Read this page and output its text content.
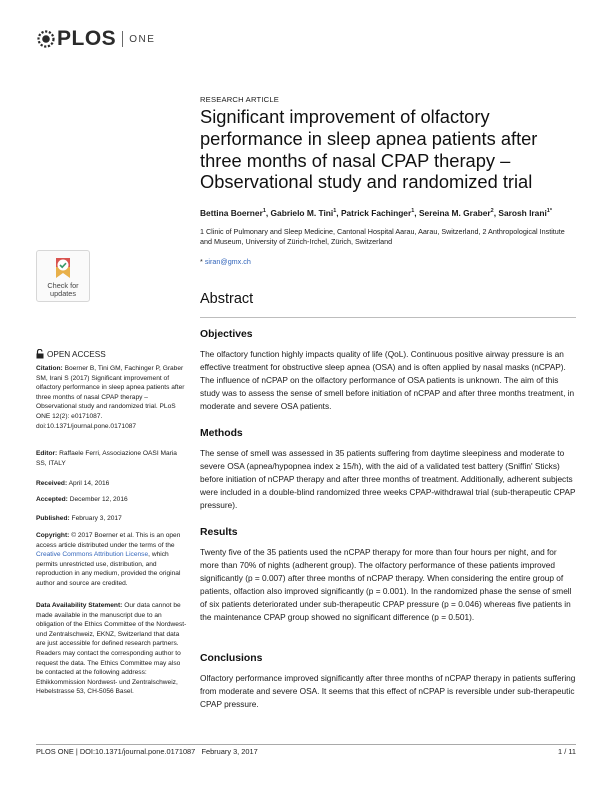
PLOS ONE
Check for
updates
OPEN ACCESS
Citation: Boerner B, Tini GM, Fachinger P, Graber SM, Irani S (2017) Significant improvement of olfactory performance in sleep apnea patients after three months of nasal CPAP therapy – Observational study and randomized trial. PLoS ONE 12(2): e0171087. doi:10.1371/journal.pone.0171087
Editor: Raffaele Ferri, Associazione OASI Maria SS, ITALY
Received: April 14, 2016
Accepted: December 12, 2016
Published: February 3, 2017
Copyright: © 2017 Boerner et al. This is an open access article distributed under the terms of the Creative Commons Attribution License, which permits unrestricted use, distribution, and reproduction in any medium, provided the original author and source are credited.
Data Availability Statement: Our data cannot be made available in the manuscript due to an obligation of the Ethics Committee of the Nordwest- und Zentralschweiz, EKNZ, Switzerland that data are just accessible for defined research partners. Readers may contact the corresponding author to request the data. The Ethics Committee may also be contacted at the following address: Ethikkommission Nordwest- und Zentralschweiz, Hebelstrasse 53, CH-5056 Basel.
RESEARCH ARTICLE
Significant improvement of olfactory performance in sleep apnea patients after three months of nasal CPAP therapy – Observational study and randomized trial
Bettina Boerner$^1$, Gabrielo M. Tini$^1$, Patrick Fachinger$^1$, Sereina M. Graber$^2$, Sarosh Irani$^{1*}$
1 Clinic of Pulmonary and Sleep Medicine, Cantonal Hospital Aarau, Aarau, Switzerland, 2 Anthropological Institute and Museum, University of Zürich-Irchel, Zürich, Switzerland
* siran@gmx.ch
Abstract
Objectives
The olfactory function highly impacts quality of life (QoL). Continuous positive airway pressure is an effective treatment for obstructive sleep apnea (OSA) and is often applied by nasal masks (nCPAP). The influence of nCPAP on the olfactory performance of OSA patients is unknown. The aim of this study was to assess the sense of smell before initiation of nCPAP and after three months treatment, in moderate and severe OSA patients.
Methods
The sense of smell was assessed in 35 patients suffering from daytime sleepiness and moderate to severe OSA (apnea/hypopnea index ≥ 15/h), with the aid of a validated test battery (Sniffin' Sticks) before initiation of nCPAP therapy and after three months of treatment. Additionally, adherent subjects were included in a double-blind randomized three weeks CPAP-withdrawal trial (sub-therapeutic CPAP pressure).
Results
Twenty five of the 35 patients used the nCPAP therapy for more than four hours per night, and for more than 70% of nights (adherent group). The olfactory performance of these patients improved significantly (p = 0.007) after three months of nCPAP therapy. When considering the entire group of patients, olfaction also improved significantly (p = 0.001). In the randomized phase the sense of smell of six patients deteriorated under sub-therapeutic CPAP pressure (p = 0.046) whereas five patients in the maintenance CPAP group showed no significant difference (p = 0.501).
Conclusions
Olfactory performance improved significantly after three months of nCPAP therapy in patients suffering from moderate and severe OSA. It seems that this effect of nCPAP is reversible under sub-therapeutic CPAP pressure.
PLOS ONE | DOI:10.1371/journal.pone.0171087   February 3, 2017	1 / 11
